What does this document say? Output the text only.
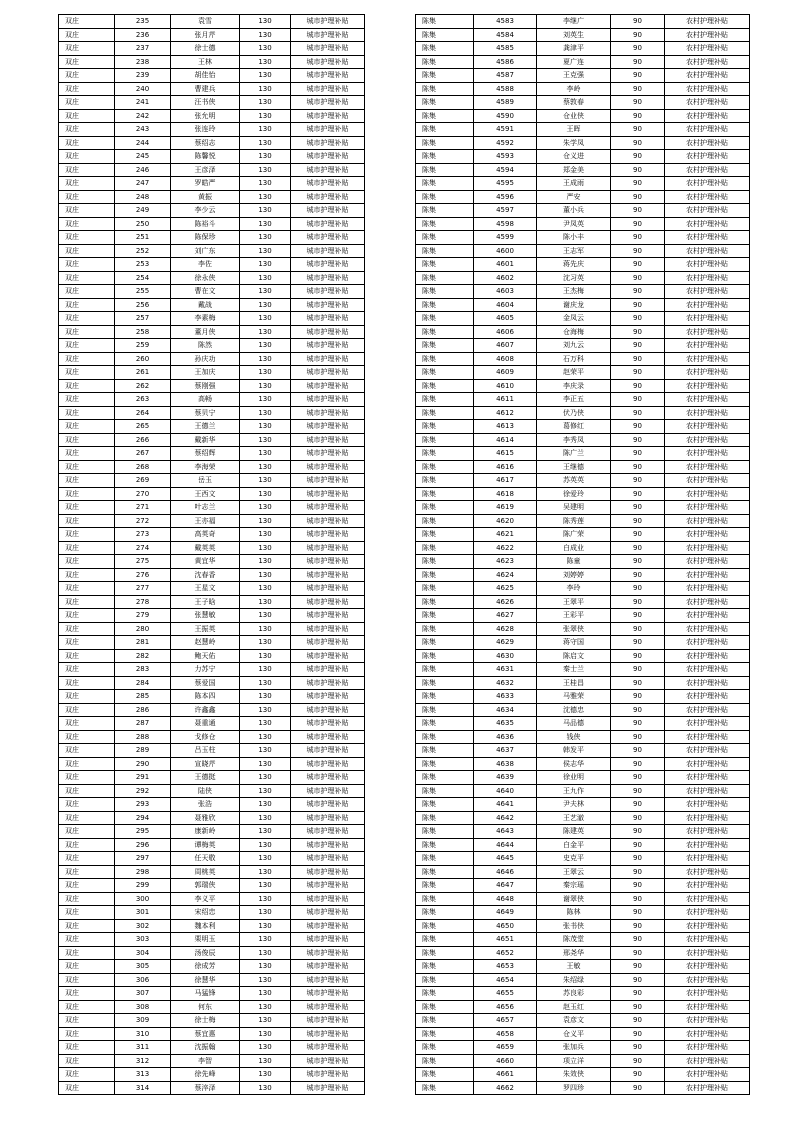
双庄	235	袁雪	130	城市护理补贴
双庄	236	张月芹	130	城市护理补贴
双庄	237	徐士德	130	城市护理补贴
双庄	238	王林	130	城市护理补贴
双庄	239	胡佳怡	130	城市护理补贴
双庄	240	曹建兵	130	城市护理补贴
双庄	241	汪书侠	130	城市护理补贴
双庄	242	张允明	130	城市护理补贴
双庄	243	张连玲	130	城市护理补贴
双庄	244	蔡绍志	130	城市护理补贴
双庄	245	陈馨悦	130	城市护理补贴
双庄	246	王彦泽	130	城市护理补贴
双庄	247	罗皓严	130	城市护理补贴
双庄	248	黄振	130	城市护理补贴
双庄	249	李少云	130	城市护理补贴
双庄	250	陈裕斗	130	城市护理补贴
双庄	251	陈保珍	130	城市护理补贴
双庄	252	刘广东	130	城市护理补贴
双庄	253	李佐	130	城市护理补贴
双庄	254	徐永侠	130	城市护理补贴
双庄	255	曹在文	130	城市护理补贴
双庄	256	戴战	130	城市护理补贴
双庄	257	李素梅	130	城市护理补贴
双庄	258	董月侠	130	城市护理补贴
双庄	259	陈然	130	城市护理补贴
双庄	260	孙庆功	130	城市护理补贴
双庄	261	王加庆	130	城市护理补贴
双庄	262	蔡刚强	130	城市护理补贴
双庄	263	高畅	130	城市护理补贴
双庄	264	蔡贝宁	130	城市护理补贴
双庄	265	王德兰	130	城市护理补贴
双庄	266	戴新华	130	城市护理补贴
双庄	267	蔡绍辉	130	城市护理补贴
双庄	268	李海荣	130	城市护理补贴
双庄	269	岳玉	130	城市护理补贴
双庄	270	王西文	130	城市护理补贴
双庄	271	叶志兰	130	城市护理补贴
双庄	272	王亦福	130	城市护理补贴
双庄	273	高英奇	130	城市护理补贴
双庄	274	戴英英	130	城市护理补贴
双庄	275	黄宜华	130	城市护理补贴
双庄	276	沈春香	130	城市护理补贴
双庄	277	王星文	130	城市护理补贴
双庄	278	王子晗	130	城市护理补贴
双庄	279	张慧敏	130	城市护理补贴
双庄	280	王振英	130	城市护理补贴
双庄	281	赵慧岭	130	城市护理补贴
双庄	282	鲍天佑	130	城市护理补贴
双庄	283	力苏宁	130	城市护理补贴
双庄	284	蔡爱国	130	城市护理补贴
双庄	285	陈本四	130	城市护理补贴
双庄	286	许鑫鑫	130	城市护理补贴
双庄	287	聂重通	130	城市护理补贴
双庄	288	戈修仓	130	城市护理补贴
双庄	289	吕玉柱	130	城市护理补贴
双庄	290	宣晓芹	130	城市护理补贴
双庄	291	王德挺	130	城市护理补贴
双庄	292	陆侠	130	城市护理补贴
双庄	293	张浩	130	城市护理补贴
双庄	294	聂雅欣	130	城市护理补贴
双庄	295	康新岭	130	城市护理补贴
双庄	296	谭梅英	130	城市护理补贴
双庄	297	任天敬	130	城市护理补贴
双庄	298	周桃英	130	城市护理补贴
双庄	299	郭瑞侠	130	城市护理补贴
双庄	300	李义平	130	城市护理补贴
双庄	301	宋绍忠	130	城市护理补贴
双庄	302	魏本利	130	城市护理补贴
双庄	303	栗明玉	130	城市护理补贴
双庄	304	汤俊辰	130	城市护理补贴
双庄	305	徐成芳	130	城市护理补贴
双庄	306	徐慧华	130	城市护理补贴
双庄	307	马猛锋	130	城市护理补贴
双庄	308	何东	130	城市护理补贴
双庄	309	徐士梅	130	城市护理补贴
双庄	310	蔡宜惠	130	城市护理补贴
双庄	311	沈振翰	130	城市护理补贴
双庄	312	李智	130	城市护理补贴
双庄	313	徐先峰	130	城市护理补贴
双庄	314	蔡淬泽	130	城市护理补贴
陈集	4583	李继广	90	农村护理补贴
陈集	4584	刘英生	90	农村护理补贴
陈集	4585	龚津平	90	农村护理补贴
陈集	4586	夏广连	90	农村护理补贴
陈集	4587	王克强	90	农村护理补贴
陈集	4588	李岭	90	农村护理补贴
陈集	4589	蔡敦春	90	农村护理补贴
陈集	4590	仓业侠	90	农村护理补贴
陈集	4591	王晖	90	农村护理补贴
陈集	4592	朱学凤	90	农村护理补贴
陈集	4593	仓义进	90	农村护理补贴
陈集	4594	郑金美	90	农村护理补贴
陈集	4595	王成雨	90	农村护理补贴
陈集	4596	严安	90	农村护理补贴
陈集	4597	董小兵	90	农村护理补贴
陈集	4598	尹凤英	90	农村护理补贴
陈集	4599	陈小丰	90	农村护理补贴
陈集	4600	王志军	90	农村护理补贴
陈集	4601	蒋先庆	90	农村护理补贴
陈集	4602	沈习英	90	农村护理补贴
陈集	4603	王杰梅	90	农村护理补贴
陈集	4604	谢庆龙	90	农村护理补贴
陈集	4605	金凤云	90	农村护理补贴
陈集	4606	仓海梅	90	农村护理补贴
陈集	4607	刘九云	90	农村护理补贴
陈集	4608	石万科	90	农村护理补贴
陈集	4609	赵荣平	90	农村护理补贴
陈集	4610	李庆录	90	农村护理补贴
陈集	4611	李正五	90	农村护理补贴
陈集	4612	伏乃侠	90	农村护理补贴
陈集	4613	葛修红	90	农村护理补贴
陈集	4614	李秀凤	90	农村护理补贴
陈集	4615	陈广兰	90	农村护理补贴
陈集	4616	王继德	90	农村护理补贴
陈集	4617	苏英英	90	农村护理补贴
陈集	4618	徐爱玲	90	农村护理补贴
陈集	4619	吴建明	90	农村护理补贴
陈集	4620	陈秀莲	90	农村护理补贴
陈集	4621	陈广荣	90	农村护理补贴
陈集	4622	白成业	90	农村护理补贴
陈集	4623	陈童	90	农村护理补贴
陈集	4624	刘婷婷	90	农村护理补贴
陈集	4625	李玲	90	农村护理补贴
陈集	4626	王翠平	90	农村护理补贴
陈集	4627	王彩平	90	农村护理补贴
陈集	4628	张翠侠	90	农村护理补贴
陈集	4629	蒋守国	90	农村护理补贴
陈集	4630	陈启文	90	农村护理补贴
陈集	4631	秦士兰	90	农村护理补贴
陈集	4632	王桂昌	90	农村护理补贴
陈集	4633	马雅荣	90	农村护理补贴
陈集	4634	沈德忠	90	农村护理补贴
陈集	4635	马品德	90	农村护理补贴
陈集	4636	钱侠	90	农村护理补贴
陈集	4637	韩发平	90	农村护理补贴
陈集	4638	侯志华	90	农村护理补贴
陈集	4639	徐业明	90	农村护理补贴
陈集	4640	王九作	90	农村护理补贴
陈集	4641	尹夫林	90	农村护理补贴
陈集	4642	王艺澈	90	农村护理补贴
陈集	4643	陈建英	90	农村护理补贴
陈集	4644	白金平	90	农村护理补贴
陈集	4645	史克平	90	农村护理补贴
陈集	4646	王翠云	90	农村护理补贴
陈集	4647	秦宗瑶	90	农村护理补贴
陈集	4648	谢翠侠	90	农村护理补贴
陈集	4649	陈林	90	农村护理补贴
陈集	4650	张书侠	90	农村护理补贴
陈集	4651	陈茂堂	90	农村护理补贴
陈集	4652	邢尧华	90	农村护理补贴
陈集	4653	王敏	90	农村护理补贴
陈集	4654	朱绍绿	90	农村护理补贴
陈集	4655	苏良彩	90	农村护理补贴
陈集	4656	赵玉红	90	农村护理补贴
陈集	4657	袁彦文	90	农村护理补贴
陈集	4658	仓义平	90	农村护理补贴
陈集	4659	张加兵	90	农村护理补贴
陈集	4660	项立洋	90	农村护理补贴
陈集	4661	朱效侠	90	农村护理补贴
陈集	4662	罗四珍	90	农村护理补贴
